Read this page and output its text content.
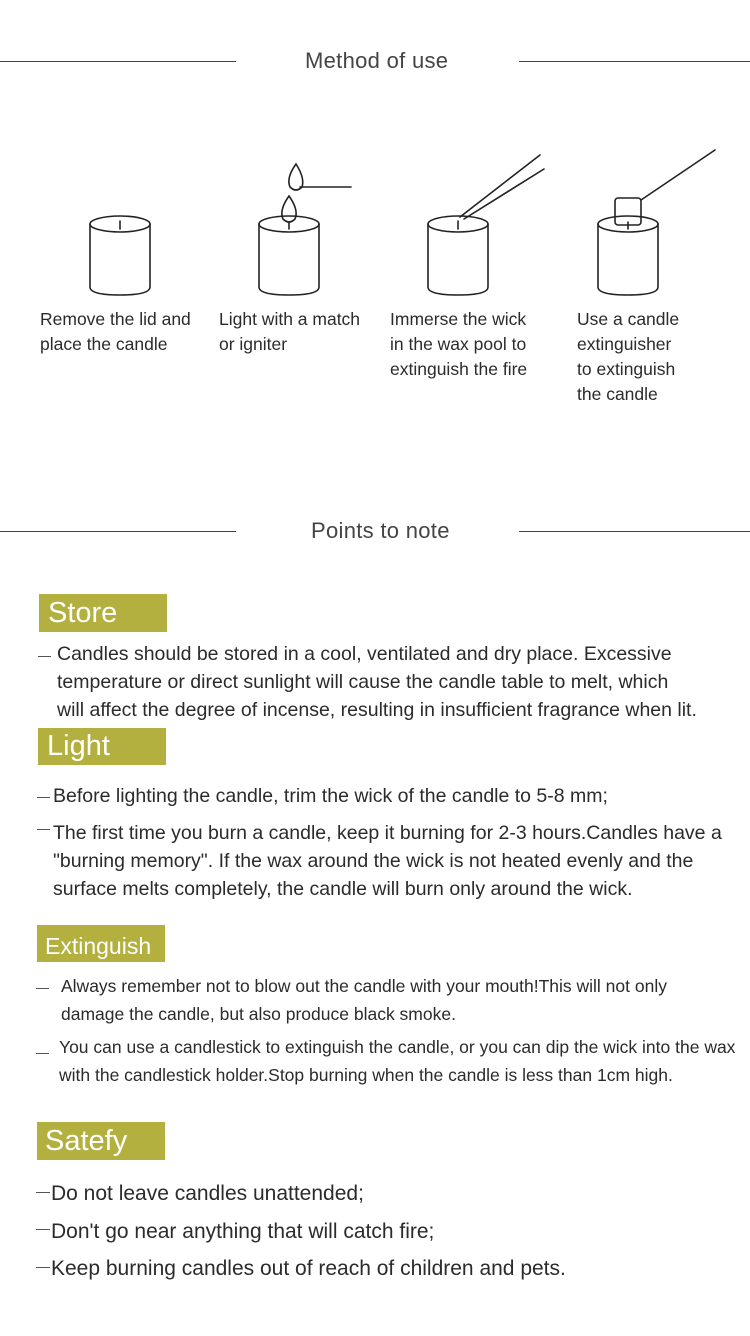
Method of use
Remove the lid and
place the candle
Light with a match
or igniter
Immerse the wick
in the wax pool to
extinguish the fire
Use a candle
extinguisher
to extinguish
the candle
Points to note
Store
Candles should be stored in a cool, ventilated and dry place. Excessive
temperature or direct sunlight will cause the candle table to melt, which
will affect the degree of incense, resulting in insufficient fragrance when lit.
Light
Before lighting the candle, trim the wick of the candle to 5-8 mm;
The first time you burn a candle, keep it burning for 2-3 hours.Candles have a
"burning memory". If the wax around the wick is not heated evenly and the
surface melts completely, the candle will burn only around the wick.
Extinguish
Always remember not to blow out the candle with your mouth!This will not only
damage the candle, but also produce black smoke.
You can use a candlestick to extinguish the candle, or you can dip the wick into the wax
with the candlestick holder.Stop burning when the candle is less than 1cm high.
Satefy
Do not leave candles unattended;
Don't go near anything that will catch fire;
Keep burning candles out of reach of children and pets.
